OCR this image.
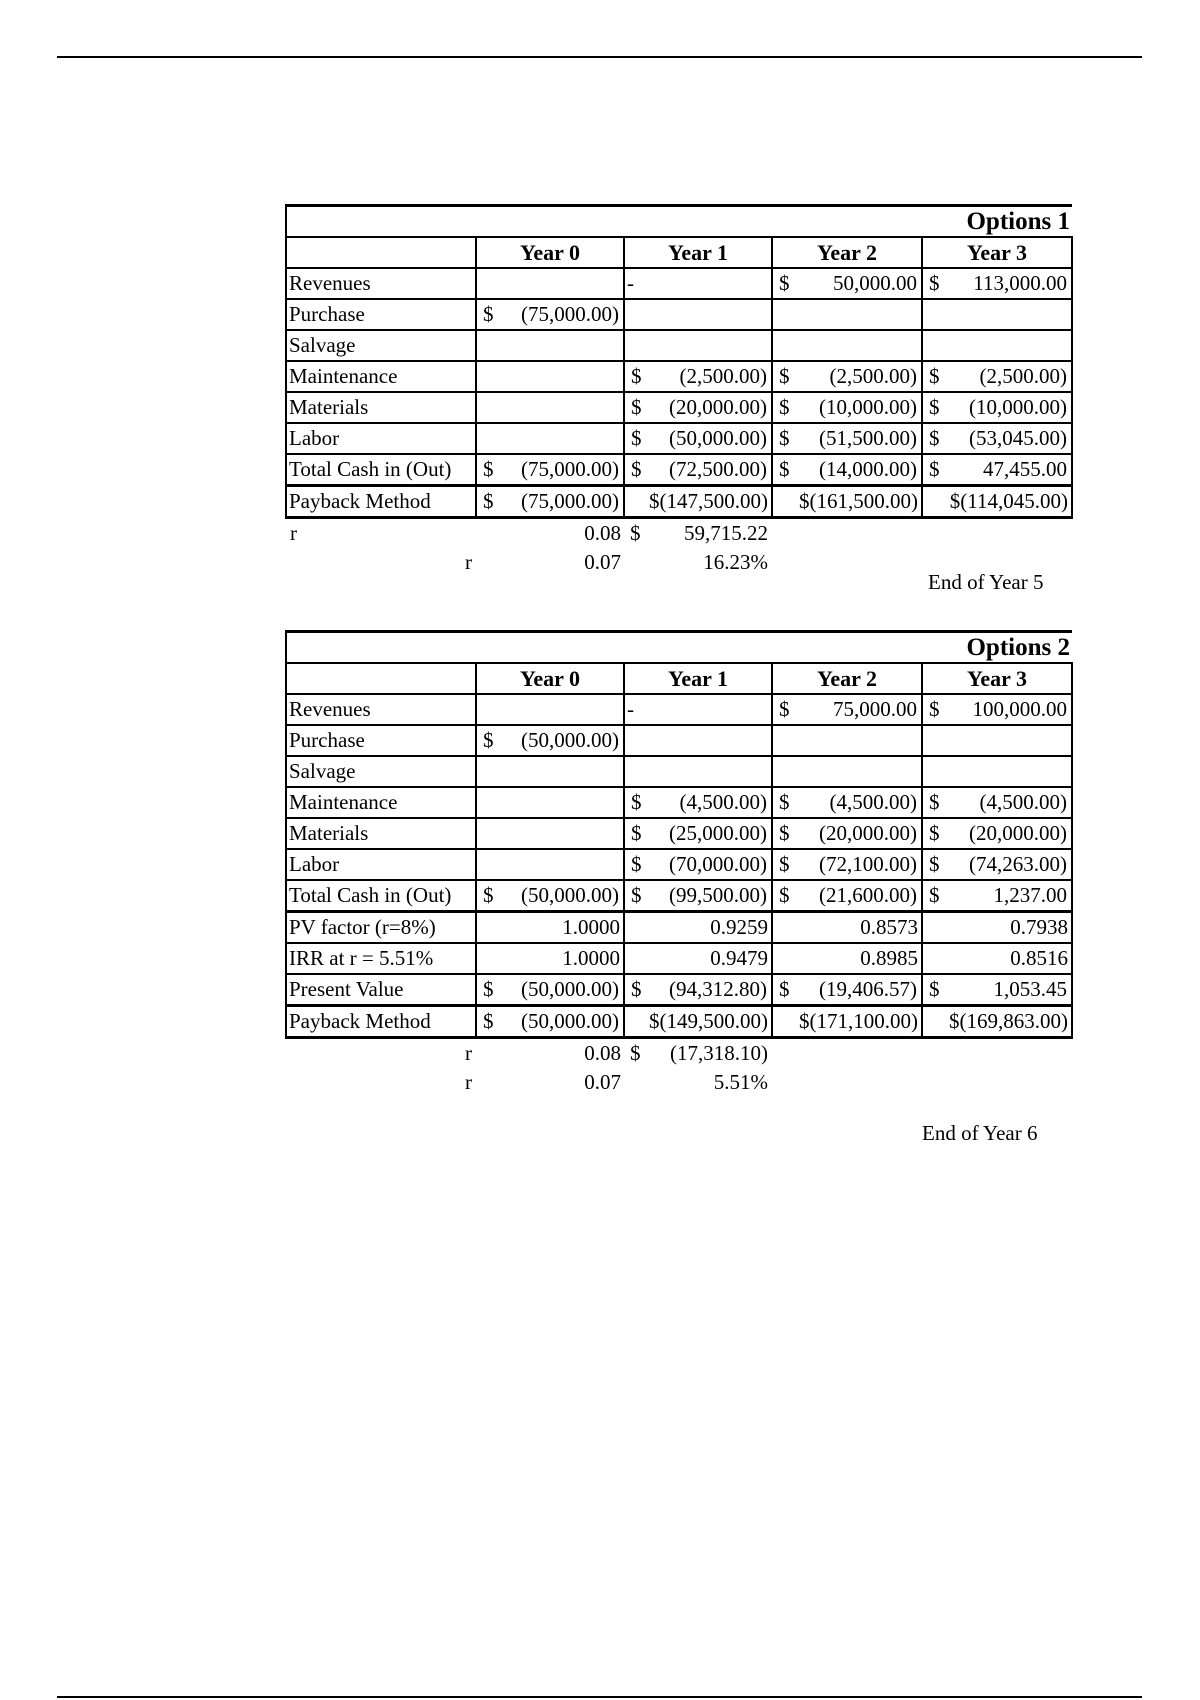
Options 1				
	Year 0	Year 1	Year 2	Year 3
Revenues		-	$ 50,000.00	$ 113,000.00

Purchase	$ (75,000.00)			

Salvage				
Maintenance		$ (2,500.00)	$ (2,500.00)	$ (2,500.00)

Materials		$ (20,000.00)	$ (10,000.00)	$ (10,000.00)

Labor		$ (50,000.00)	$ (51,500.00)	$ (53,045.00)

Total Cash in (Out)	$ (75,000.00)	$ (72,500.00)	$ (14,000.00)	$ 47,455.00

Payback Method	$ (75,000.00)	$(147,500.00)	$(161,500.00)	$(114,045.00)
r	0.08	$ 59,715.22		

r	0.07	16.23%		

End of Year 5
Options 2				
	Year 0	Year 1	Year 2	Year 3
Revenues		-	$ 75,000.00	$ 100,000.00

Purchase	$ (50,000.00)			

Salvage				
Maintenance		$ (4,500.00)	$ (4,500.00)	$ (4,500.00)

Materials		$ (25,000.00)	$ (20,000.00)	$ (20,000.00)

Labor		$ (70,000.00)	$ (72,100.00)	$ (74,263.00)

Total Cash in (Out)	$ (50,000.00)	$ (99,500.00)	$ (21,600.00)	$ 1,237.00

PV factor (r=8%)	1.0000	0.9259	0.8573	0.7938
IRR at r = 5.51%	1.0000	0.9479	0.8985	0.8516
Present Value	$ (50,000.00)	$ (94,312.80)	$ (19,406.57)	$ 1,053.45

Payback Method	$ (50,000.00)	$(149,500.00)	$(171,100.00)	$(169,863.00)
r	0.08	$ (17,318.10)		

r	0.07	5.51%		

End of Year 6
